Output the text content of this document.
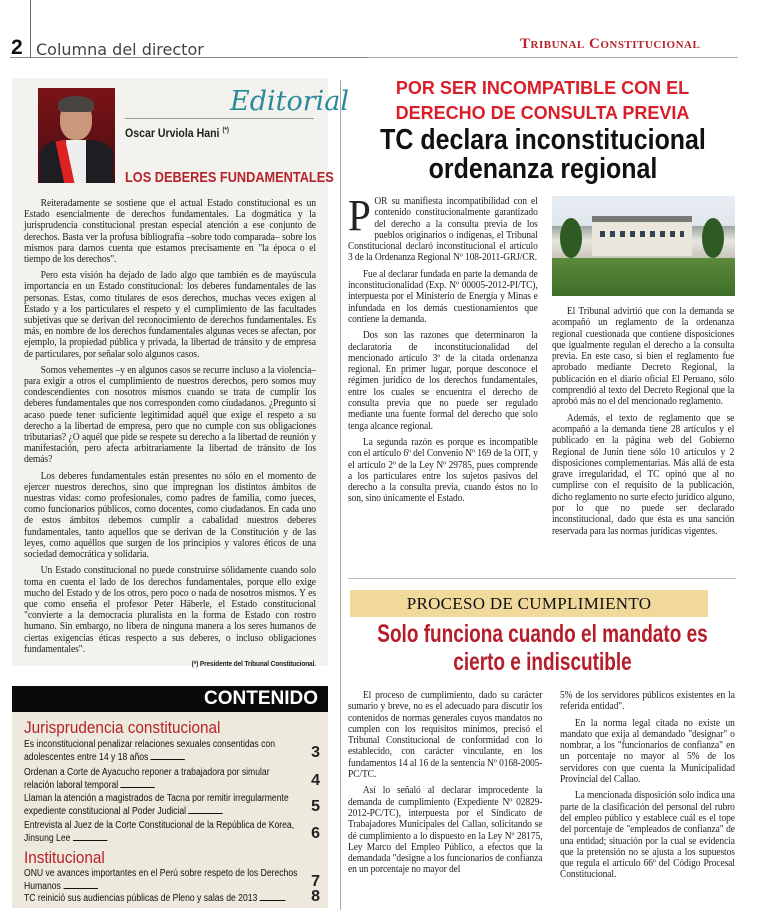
2 Columna del director	Tribunal Constitucional
Editorial
Oscar Urviola Hani (*)
LOS DEBERES FUNDAMENTALES

Reiteradamente se sostiene que el actual Estado constitucional es un Estado esencialmente de derechos fundamentales. La dogmática y la jurisprudencia constitucional prestan especial atención a ese conjunto de derechos. Basta ver la profusa bibliografía –sobre todo comparada– sobre los mismos para darnos cuenta que estamos precisamente en "la época o el tiempo de los derechos".

Pero esta visión ha dejado de lado algo que también es de mayúscula importancia en un Estado constitucional: los deberes fundamentales de las personas. Estas, como titulares de esos derechos, muchas veces exigen al Estado y a los particulares el respeto y el cumplimiento de las facultades subjetivas que se derivan del reconocimiento de derechos fundamentales. Es más, en nombre de los derechos fundamentales algunas veces se afectan, por ejemplo, la propiedad pública y privada, la libertad de tránsito y de empresa de particulares, por señalar solo algunos casos.

Somos vehementes –y en algunos casos se recurre incluso a la violencia– para exigir a otros el cumplimiento de nuestros derechos, pero somos muy condescendientes con nosotros mismos cuando se trata de cumplir los deberes fundamentales que nos corresponden como ciudadanos. ¿Pregunto si acaso puede tener suficiente legitimidad aquél que exige el respeto a su derecho a la libertad de empresa, pero que no cumple con sus obligaciones tributarias? ¿O aquél que pide se respete su derecho a la libertad de reunión y manifestación, pero afecta arbitrariamente la libertad de tránsito de los demás?

Los deberes fundamentales están presentes no sólo en el momento de ejercer nuestros derechos, sino que impregnan los distintos ámbitos de nuestras vidas: como profesionales, como padres de familia, como jueces, como funcionarios públicos, como docentes, como ciudadanos. En cada uno de estos ámbitos debemos cumplir a cabalidad nuestros deberes fundamentales, tanto aquellos que se derivan de la Constitución y de las leyes, como aquéllos que surgen de los principios y valores éticos de una sociedad democrática y solidaria.

Un Estado constitucional no puede construirse sólidamente cuando solo toma en cuenta el lado de los derechos fundamentales, porque ello exige mucho del Estado y de los otros, pero poco o nada de nosotros mismos. Y es que como enseña el profesor Peter Häberle, el Estado constitucional "convierte a la democracia pluralista en la forma de Estado con rostro humano. Sin embargo, no libera de ninguna manera a los seres humanos de ciertas exigencias éticas respecto a sus deberes, o incluso obligaciones fundamentales".

(*) Presidente del Tribunal Constitucional.

CONTENIDO
Jurisprudencia constitucional
Es inconstitucional penalizar relaciones sexuales consentidas con adolescentes entre 14 y 18 años	3
Ordenan a Corte de Ayacucho reponer a trabajadora por simular relación laboral temporal	4
Llaman la atención a magistrados de Tacna por remitir irregularmente expediente constitucional al Poder Judicial	5
Entrevista al Juez de la Corte Constitucional de la República de Korea, Jinsung Lee	6
Institucional
ONU ve avances importantes en el Perú sobre respeto de los Derechos Humanos	7
TC reinició sus audiencias públicas de Pleno y salas de 2013	8
POR SER INCOMPATIBLE CON EL DERECHO DE CONSULTA PREVIA
TC declara inconstitucional ordenanza regional

POR su manifiesta incompatibilidad con el contenido constitucionalmente garantizado del derecho a la consulta previa de los pueblos originarios o indígenas, el Tribunal Constitucional declaró inconstitucional el artículo 3 de la Ordenanza Regional Nº 108-2011-GRJ/CR.

Fue al declarar fundada en parte la demanda de inconstitucionalidad (Exp. Nº 00005-2012-PI/TC), interpuesta por el Ministerio de Energía y Minas e infundada en los demás cuestionamientos que contiene la demanda.

Dos son las razones que determinaron la declaratoria de inconstitucionalidad del mencionado artículo 3º de la citada ordenanza regional. En primer lugar, porque desconoce el régimen jurídico de los derechos fundamentales, entre los cuales se encuentra el derecho de consulta previa que no puede ser regulado mediante una fuente formal del derecho que solo tenga alcance regional.

La segunda razón es porque es incompatible con el artículo 6º del Convenio Nº 169 de la OIT, y el artículo 2º de la Ley Nº 29785, pues comprende a los particulares entre los sujetos pasivos del derecho a la consulta previa, cuando éstos no lo son, sino únicamente el Estado.

El Tribunal advirtió que con la demanda se acompañó un reglamento de la ordenanza regional cuestionada que contiene disposiciones que igualmente regulan el derecho a la consulta previa. En este caso, si bien el reglamento fue aprobado mediante Decreto Regional, la publicación en el diario oficial El Peruano, sólo comprendió al texto del Decreto Regional que la aprobó más no el del mencionado reglamento.

Además, el texto de reglamento que se acompañó a la demanda tiene 28 artículos y el publicado en la página web del Gobierno Regional de Junín tiene sólo 10 artículos y 2 disposiciones complementarias. Más allá de esta grave irregularidad, el TC opinó que al no cumplirse con el requisito de la publicación, dicho reglamento no surte efecto jurídico alguno, por lo que no puede ser declarado inconstitucional, dado que ésta es una sanción reservada para las normas jurídicas vigentes.

PROCESO DE CUMPLIMIENTO
Solo funciona cuando el mandato es cierto e indiscutible

El proceso de cumplimiento, dado su carácter sumario y breve, no es el adecuado para discutir los contenidos de normas generales cuyos mandatos no cumplen con los requisitos mínimos, precisó el Tribunal Constitucional de conformidad con lo establecido, con carácter vinculante, en los fundamentos 14 al 16 de la sentencia Nº 0168-2005-PC/TC.

Así lo señaló al declarar improcedente la demanda de cumplimiento (Expediente Nº 02829-2012-PC/TC), interpuesta por el Sindicato de Trabajadores Municipales del Callao, solicitando se dé cumplimiento a lo dispuesto en la Ley Nº 28175, Ley Marco del Empleo Público, a efectos que la demandada "designe a los funcionarios de confianza en un porcentaje no mayor del

5% de los servidores públicos existentes en la referida entidad".

En la norma legal citada no existe un mandato que exija al demandado "designar" o nombrar, a los "funcionarios de confianza" en un porcentaje no mayor al 5% de los servidores con que cuenta la Municipalidad Provincial del Callao.

La mencionada disposición solo indica una parte de la clasificación del personal del rubro del empleo público y establece cuál es el tope del porcentaje de "empleados de confianza" de una entidad; situación por la cual se evidencia que la pretensión no se ajusta a los supuestos que regula el artículo 66º del Código Procesal Constitucional.
